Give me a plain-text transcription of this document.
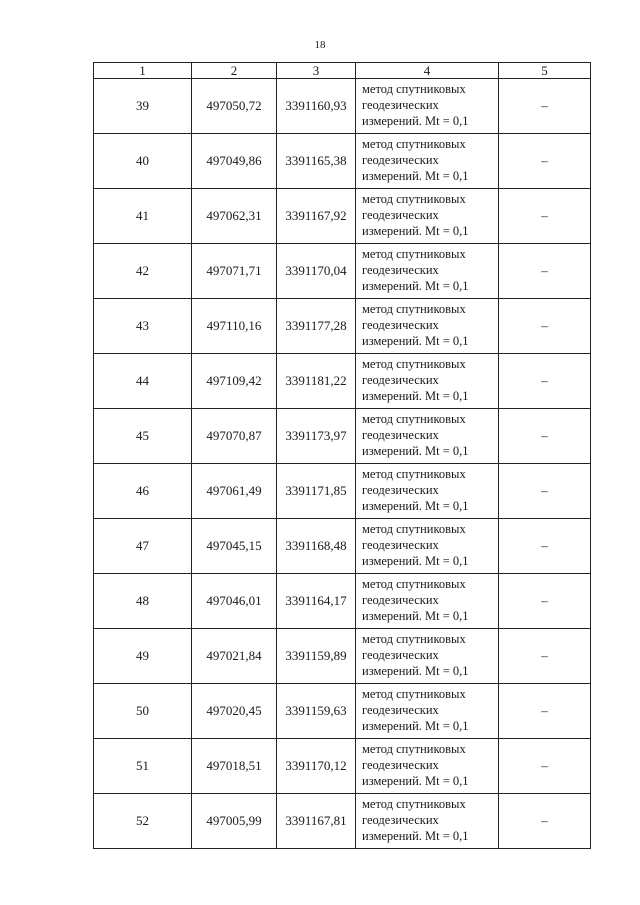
18
1	2	3	4	5
39	497050,72	3391160,93	метод спутниковых
геодезических
измерений. Mt = 0,1	–
40	497049,86	3391165,38	метод спутниковых
геодезических
измерений. Mt = 0,1	–
41	497062,31	3391167,92	метод спутниковых
геодезических
измерений. Mt = 0,1	–
42	497071,71	3391170,04	метод спутниковых
геодезических
измерений. Mt = 0,1	–
43	497110,16	3391177,28	метод спутниковых
геодезических
измерений. Mt = 0,1	–
44	497109,42	3391181,22	метод спутниковых
геодезических
измерений. Mt = 0,1	–
45	497070,87	3391173,97	метод спутниковых
геодезических
измерений. Mt = 0,1	–
46	497061,49	3391171,85	метод спутниковых
геодезических
измерений. Mt = 0,1	–
47	497045,15	3391168,48	метод спутниковых
геодезических
измерений. Mt = 0,1	–
48	497046,01	3391164,17	метод спутниковых
геодезических
измерений. Mt = 0,1	–
49	497021,84	3391159,89	метод спутниковых
геодезических
измерений. Mt = 0,1	–
50	497020,45	3391159,63	метод спутниковых
геодезических
измерений. Mt = 0,1	–
51	497018,51	3391170,12	метод спутниковых
геодезических
измерений. Mt = 0,1	–
52	497005,99	3391167,81	метод спутниковых
геодезических
измерений. Mt = 0,1	–
